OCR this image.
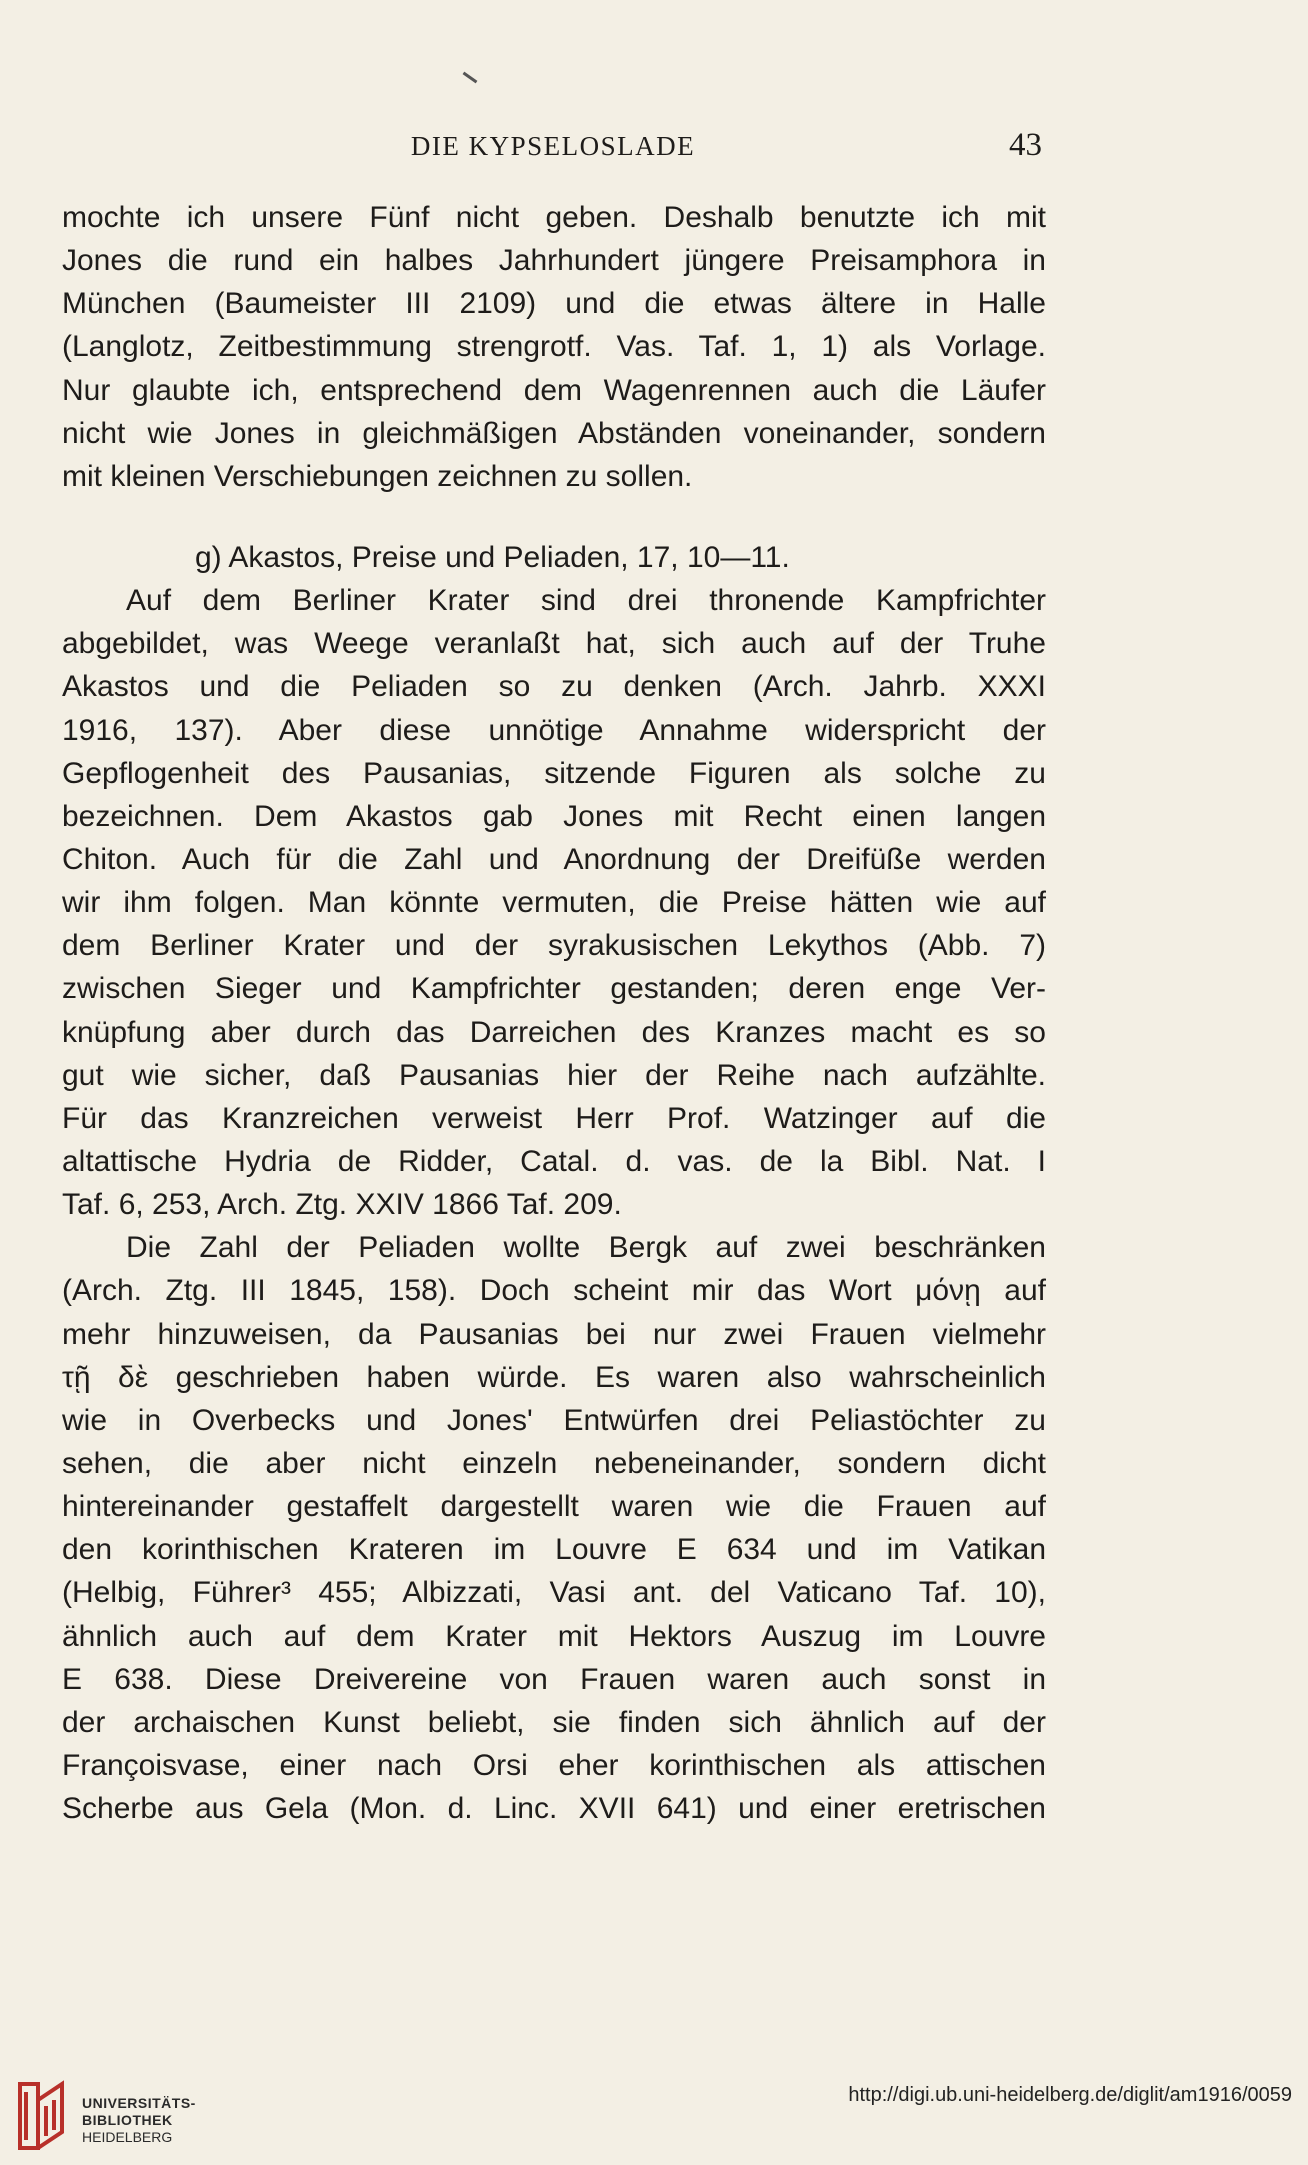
DIE KYPSELOSLADE	43
mochte ich unsere Fünf nicht geben. Deshalb benutzte ich mit
Jones die rund ein halbes Jahrhundert jüngere Preisamphora in
München (Baumeister III 2109) und die etwas ältere in Halle
(Langlotz, Zeitbestimmung strengrotf. Vas. Taf. 1, 1) als Vorlage.
Nur glaubte ich, entsprechend dem Wagenrennen auch die Läufer
nicht wie Jones in gleichmäßigen Abständen voneinander, sondern
mit kleinen Verschiebungen zeichnen zu sollen.
g) Akastos, Preise und Peliaden, 17, 10—11.
Auf dem Berliner Krater sind drei thronende Kampfrichter
abgebildet, was Weege veranlaßt hat, sich auch auf der Truhe
Akastos und die Peliaden so zu denken (Arch. Jahrb. XXXI
1916, 137). Aber diese unnötige Annahme widerspricht der
Gepflogenheit des Pausanias, sitzende Figuren als solche zu
bezeichnen. Dem Akastos gab Jones mit Recht einen langen
Chiton. Auch für die Zahl und Anordnung der Dreifüße werden
wir ihm folgen. Man könnte vermuten, die Preise hätten wie auf
dem Berliner Krater und der syrakusischen Lekythos (Abb. 7)
zwischen Sieger und Kampfrichter gestanden; deren enge Ver-
knüpfung aber durch das Darreichen des Kranzes macht es so
gut wie sicher, daß Pausanias hier der Reihe nach aufzählte.
Für das Kranzreichen verweist Herr Prof. Watzinger auf die
altattische Hydria de Ridder, Catal. d. vas. de la Bibl. Nat. I
Taf. 6, 253, Arch. Ztg. XXIV 1866 Taf. 209.
Die Zahl der Peliaden wollte Bergk auf zwei beschränken
(Arch. Ztg. III 1845, 158). Doch scheint mir das Wort μόνῃ auf
mehr hinzuweisen, da Pausanias bei nur zwei Frauen vielmehr
τῇ δὲ geschrieben haben würde. Es waren also wahrscheinlich
wie in Overbecks und Jones' Entwürfen drei Peliastöchter zu
sehen, die aber nicht einzeln nebeneinander, sondern dicht
hintereinander gestaffelt dargestellt waren wie die Frauen auf
den korinthischen Krateren im Louvre E 634 und im Vatikan
(Helbig, Führer³ 455; Albizzati, Vasi ant. del Vaticano Taf. 10),
ähnlich auch auf dem Krater mit Hektors Auszug im Louvre
E 638. Diese Dreivereine von Frauen waren auch sonst in
der archaischen Kunst beliebt, sie finden sich ähnlich auf der
Françoisvase, einer nach Orsi eher korinthischen als attischen
Scherbe aus Gela (Mon. d. Linc. XVII 641) und einer eretrischen
UNIVERSITÄTS-
BIBLIOTHEK
HEIDELBERG
http://digi.ub.uni-heidelberg.de/diglit/am1916/0059
